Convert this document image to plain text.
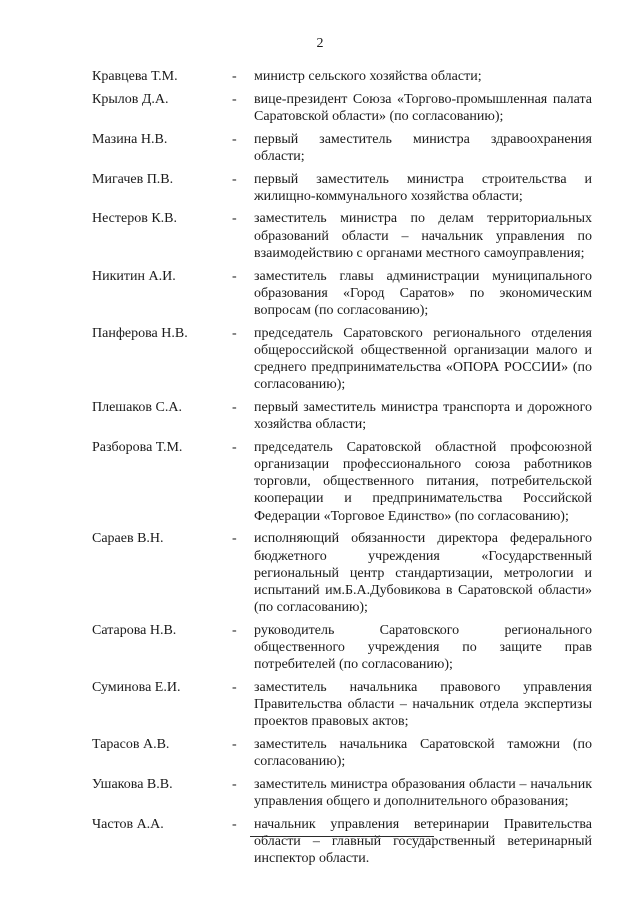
2
Кравцева Т.М.	-	министр сельского хозяйства области;
Крылов Д.А.	-	вице-президент Союза «Торгово-промышленная палата Саратовской области» (по согласованию);
Мазина Н.В.	-	первый заместитель министра здравоохранения области;
Мигачев П.В.	-	первый заместитель министра строительства и жилищно-коммунального хозяйства области;
Нестеров К.В.	-	заместитель министра по делам территориальных образований области – начальник управления по взаимодействию с органами местного самоуправления;
Никитин А.И.	-	заместитель главы администрации муниципального образования «Город Саратов» по экономическим вопросам (по согласованию);
Панферова Н.В.	-	председатель Саратовского регионального отделения общероссийской общественной организации малого и среднего предпринимательства «ОПОРА РОССИИ» (по согласованию);
Плешаков С.А.	-	первый заместитель министра транспорта и дорожного хозяйства области;
Разборова Т.М.	-	председатель Саратовской областной профсоюзной организации профессионального союза работников торговли, общественного питания, потребительской кооперации и предпринимательства Российской Федерации «Торговое Единство» (по согласованию);
Сараев В.Н.	-	исполняющий обязанности директора федерального бюджетного учреждения «Государственный региональный центр стандартизации, метрологии и испытаний им.Б.А.Дубовикова в Саратовской области» (по согласованию);
Сатарова Н.В.	-	руководитель Саратовского регионального общественного учреждения по защите прав потребителей (по согласованию);
Суминова Е.И.	-	заместитель начальника правового управления Правительства области – начальник отдела экспертизы проектов правовых актов;
Тарасов А.В.	-	заместитель начальника Саратовской таможни (по согласованию);
Ушакова В.В.	-	заместитель министра образования области – начальник управления общего и дополнительного образования;
Частов А.А.	-	начальник управления ветеринарии Правительства области – главный государственный ветеринарный инспектор области.
